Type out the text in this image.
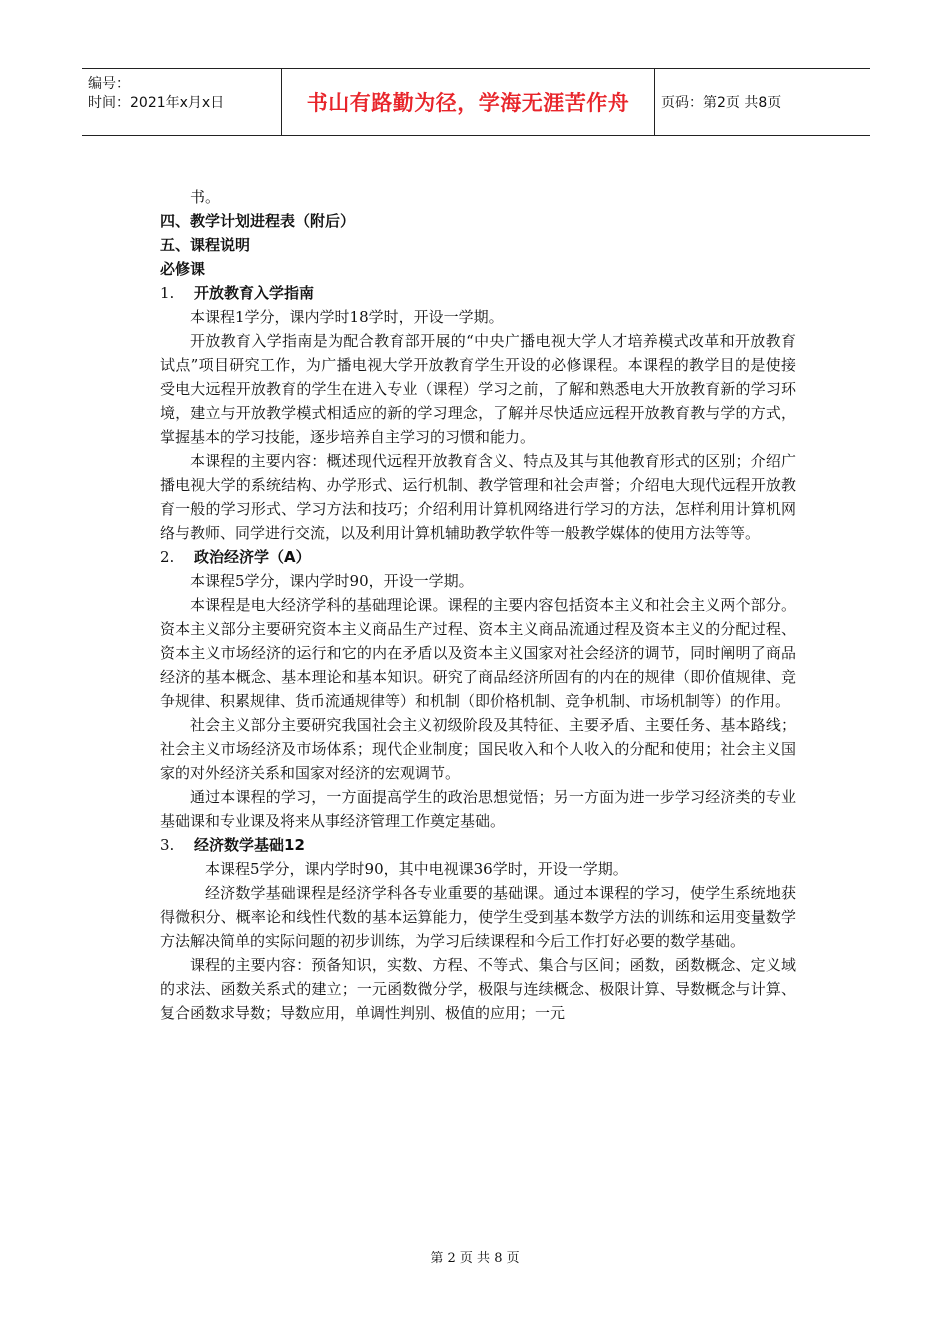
编号：
时间：2021年x月x日	书山有路勤为径，学海无涯苦作舟 页码：第2页 共8页

书。

四、教学计划进程表（附后）

五、课程说明

必修课

1. 开放教育入学指南

本课程1学分，课内学时18学时，开设一学期。

开放教育入学指南是为配合教育部开展的“中央广播电视大学人才培养模式改革和开放教育试点”项目研究工作，为广播电视大学开放教育学生开设的必修课程。本课程的教学目的是使接受电大远程开放教育的学生在进入专业（课程）学习之前，了解和熟悉电大开放教育新的学习环境，建立与开放教学模式相适应的新的学习理念，了解并尽快适应远程开放教育教与学的方式，掌握基本的学习技能，逐步培养自主学习的习惯和能力。

本课程的主要内容：概述现代远程开放教育含义、特点及其与其他教育形式的区别；介绍广播电视大学的系统结构、办学形式、运行机制、教学管理和社会声誉；介绍电大现代远程开放教育一般的学习形式、学习方法和技巧；介绍利用计算机网络进行学习的方法，怎样利用计算机网络与教师、同学进行交流，以及利用计算机辅助教学软件等一般教学媒体的使用方法等等。

2. 政治经济学（A）

本课程5学分，课内学时90，开设一学期。

本课程是电大经济学科的基础理论课。课程的主要内容包括资本主义和社会主义两个部分。资本主义部分主要研究资本主义商品生产过程、资本主义商品流通过程及资本主义的分配过程、资本主义市场经济的运行和它的内在矛盾以及资本主义国家对社会经济的调节，同时阐明了商品经济的基本概念、基本理论和基本知识。研究了商品经济所固有的内在的规律（即价值规律、竞争规律、积累规律、货币流通规律等）和机制（即价格机制、竞争机制、市场机制等）的作用。

社会主义部分主要研究我国社会主义初级阶段及其特征、主要矛盾、主要任务、基本路线；社会主义市场经济及市场体系；现代企业制度；国民收入和个人收入的分配和使用；社会主义国家的对外经济关系和国家对经济的宏观调节。

通过本课程的学习，一方面提高学生的政治思想觉悟；另一方面为进一步学习经济类的专业基础课和专业课及将来从事经济管理工作奠定基础。

3. 经济数学基础12

本课程5学分，课内学时90，其中电视课36学时，开设一学期。

经济数学基础课程是经济学科各专业重要的基础课。通过本课程的学习，使学生系统地获得微积分、概率论和线性代数的基本运算能力，使学生受到基本数学方法的训练和运用变量数学方法解决简单的实际问题的初步训练，为学习后续课程和今后工作打好必要的数学基础。

课程的主要内容：预备知识，实数、方程、不等式、集合与区间；函数，函数概念、定义域的求法、函数关系式的建立；一元函数微分学，极限与连续概念、极限计算、导数概念与计算、复合函数求导数；导数应用，单调性判别、极值的应用；一元

第 2 页 共 8 页
